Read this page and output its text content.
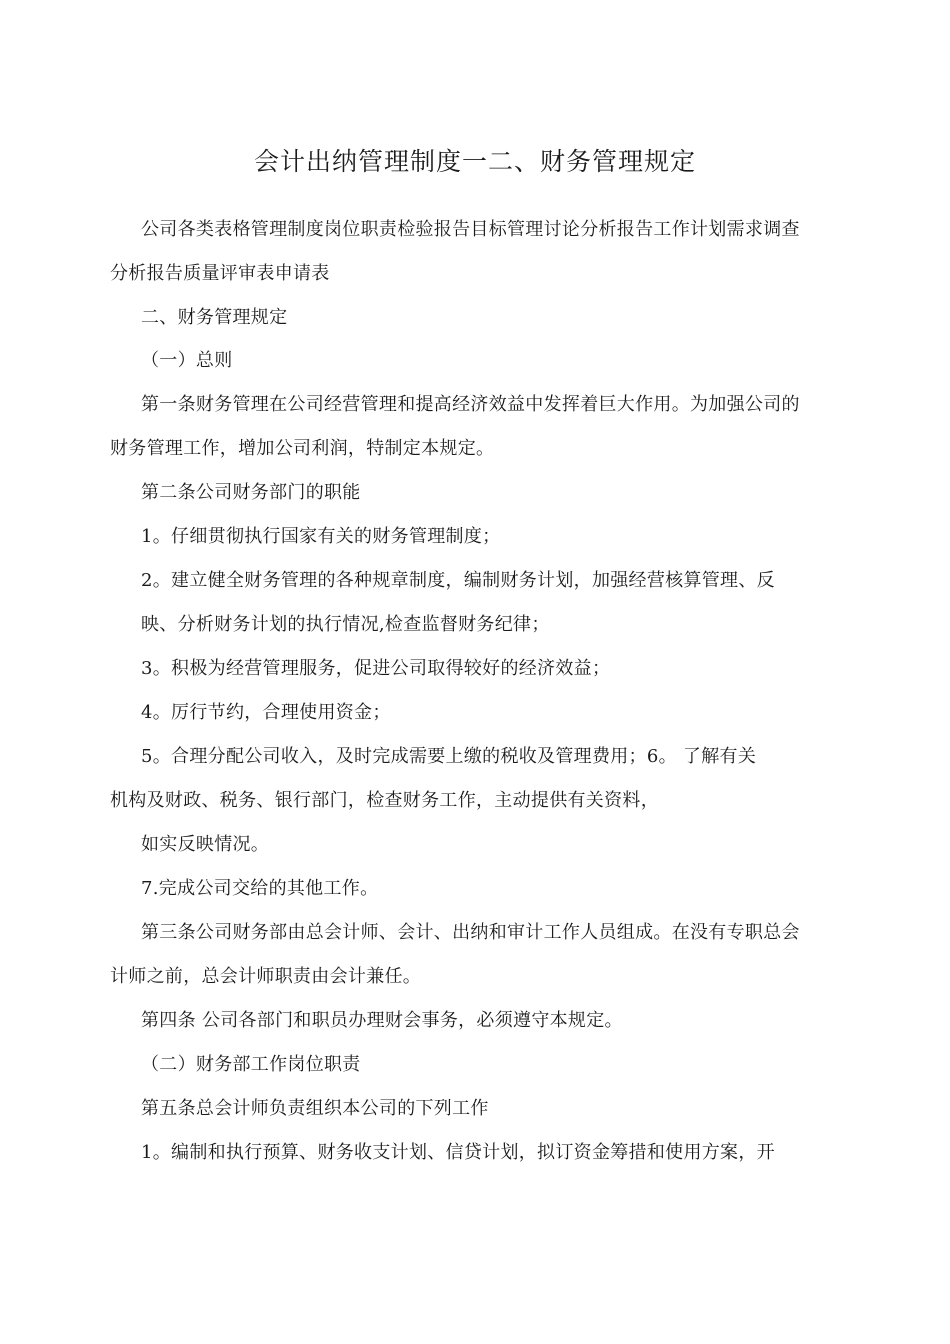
会计出纳管理制度一二、财务管理规定
公司各类表格管理制度岗位职责检验报告目标管理讨论分析报告工作计划需求调查
分析报告质量评审表申请表
二、财务管理规定
（一）总则
第一条财务管理在公司经营管理和提高经济效益中发挥着巨大作用。为加强公司的
财务管理工作，增加公司利润，特制定本规定。
第二条公司财务部门的职能
1。仔细贯彻执行国家有关的财务管理制度；
2。建立健全财务管理的各种规章制度，编制财务计划，加强经营核算管理、反
映、分析财务计划的执行情况,检查监督财务纪律；
3。积极为经营管理服务，促进公司取得较好的经济效益；
4。厉行节约，合理使用资金；
5。合理分配公司收入，及时完成需要上缴的税收及管理费用；6。 了解有关
机构及财政、税务、银行部门，检查财务工作，主动提供有关资料，
如实反映情况。
7.完成公司交给的其他工作。
第三条公司财务部由总会计师、会计、出纳和审计工作人员组成。在没有专职总会
计师之前，总会计师职责由会计兼任。
第四条 公司各部门和职员办理财会事务，必须遵守本规定。
（二）财务部工作岗位职责
第五条总会计师负责组织本公司的下列工作
1。编制和执行预算、财务收支计划、信贷计划，拟订资金筹措和使用方案，开
